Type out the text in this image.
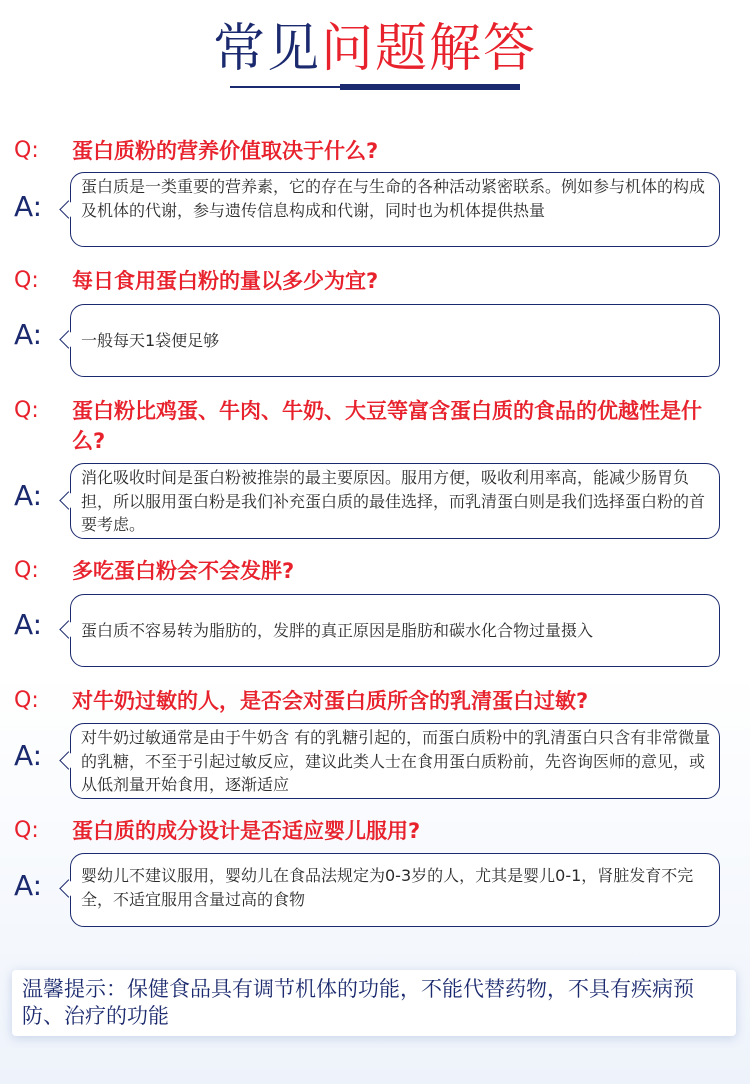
常见问题解答
Q: 蛋白质粉的营养价值取决于什么?
A:
蛋白质是一类重要的营养素，它的存在与生命的各种活动紧密联系。例如参与机体的构成及机体的代谢，参与遗传信息构成和代谢，同时也为机体提供热量
Q: 每日食用蛋白粉的量以多少为宜?
A: 一般每天1袋便足够
Q: 蛋白粉比鸡蛋、牛肉、牛奶、大豆等富含蛋白质的食品的优越性是什么?
A:
消化吸收时间是蛋白粉被推崇的最主要原因。服用方便，吸收利用率高，能减少肠胃负担，所以服用蛋白粉是我们补充蛋白质的最佳选择，而乳清蛋白则是我们选择蛋白粉的首要考虑。
Q: 多吃蛋白粉会不会发胖?
A: 蛋白质不容易转为脂肪的，发胖的真正原因是脂肪和碳水化合物过量摄入
Q: 对牛奶过敏的人，是否会对蛋白质所含的乳清蛋白过敏?
A:
对牛奶过敏通常是由于牛奶含 有的乳糖引起的，而蛋白质粉中的乳清蛋白只含有非常微量的乳糖，不至于引起过敏反应，建议此类人士在食用蛋白质粉前，先咨询医师的意见，或从低剂量开始食用，逐渐适应
Q: 蛋白质的成分设计是否适应婴儿服用?
A: 婴幼儿不建议服用，婴幼儿在食品法规定为0-3岁的人，尤其是婴儿0-1，肾脏发育不完全，不适宜服用含量过高的食物
温馨提示：保健食品具有调节机体的功能，不能代替药物，不具有疾病预防、治疗的功能
